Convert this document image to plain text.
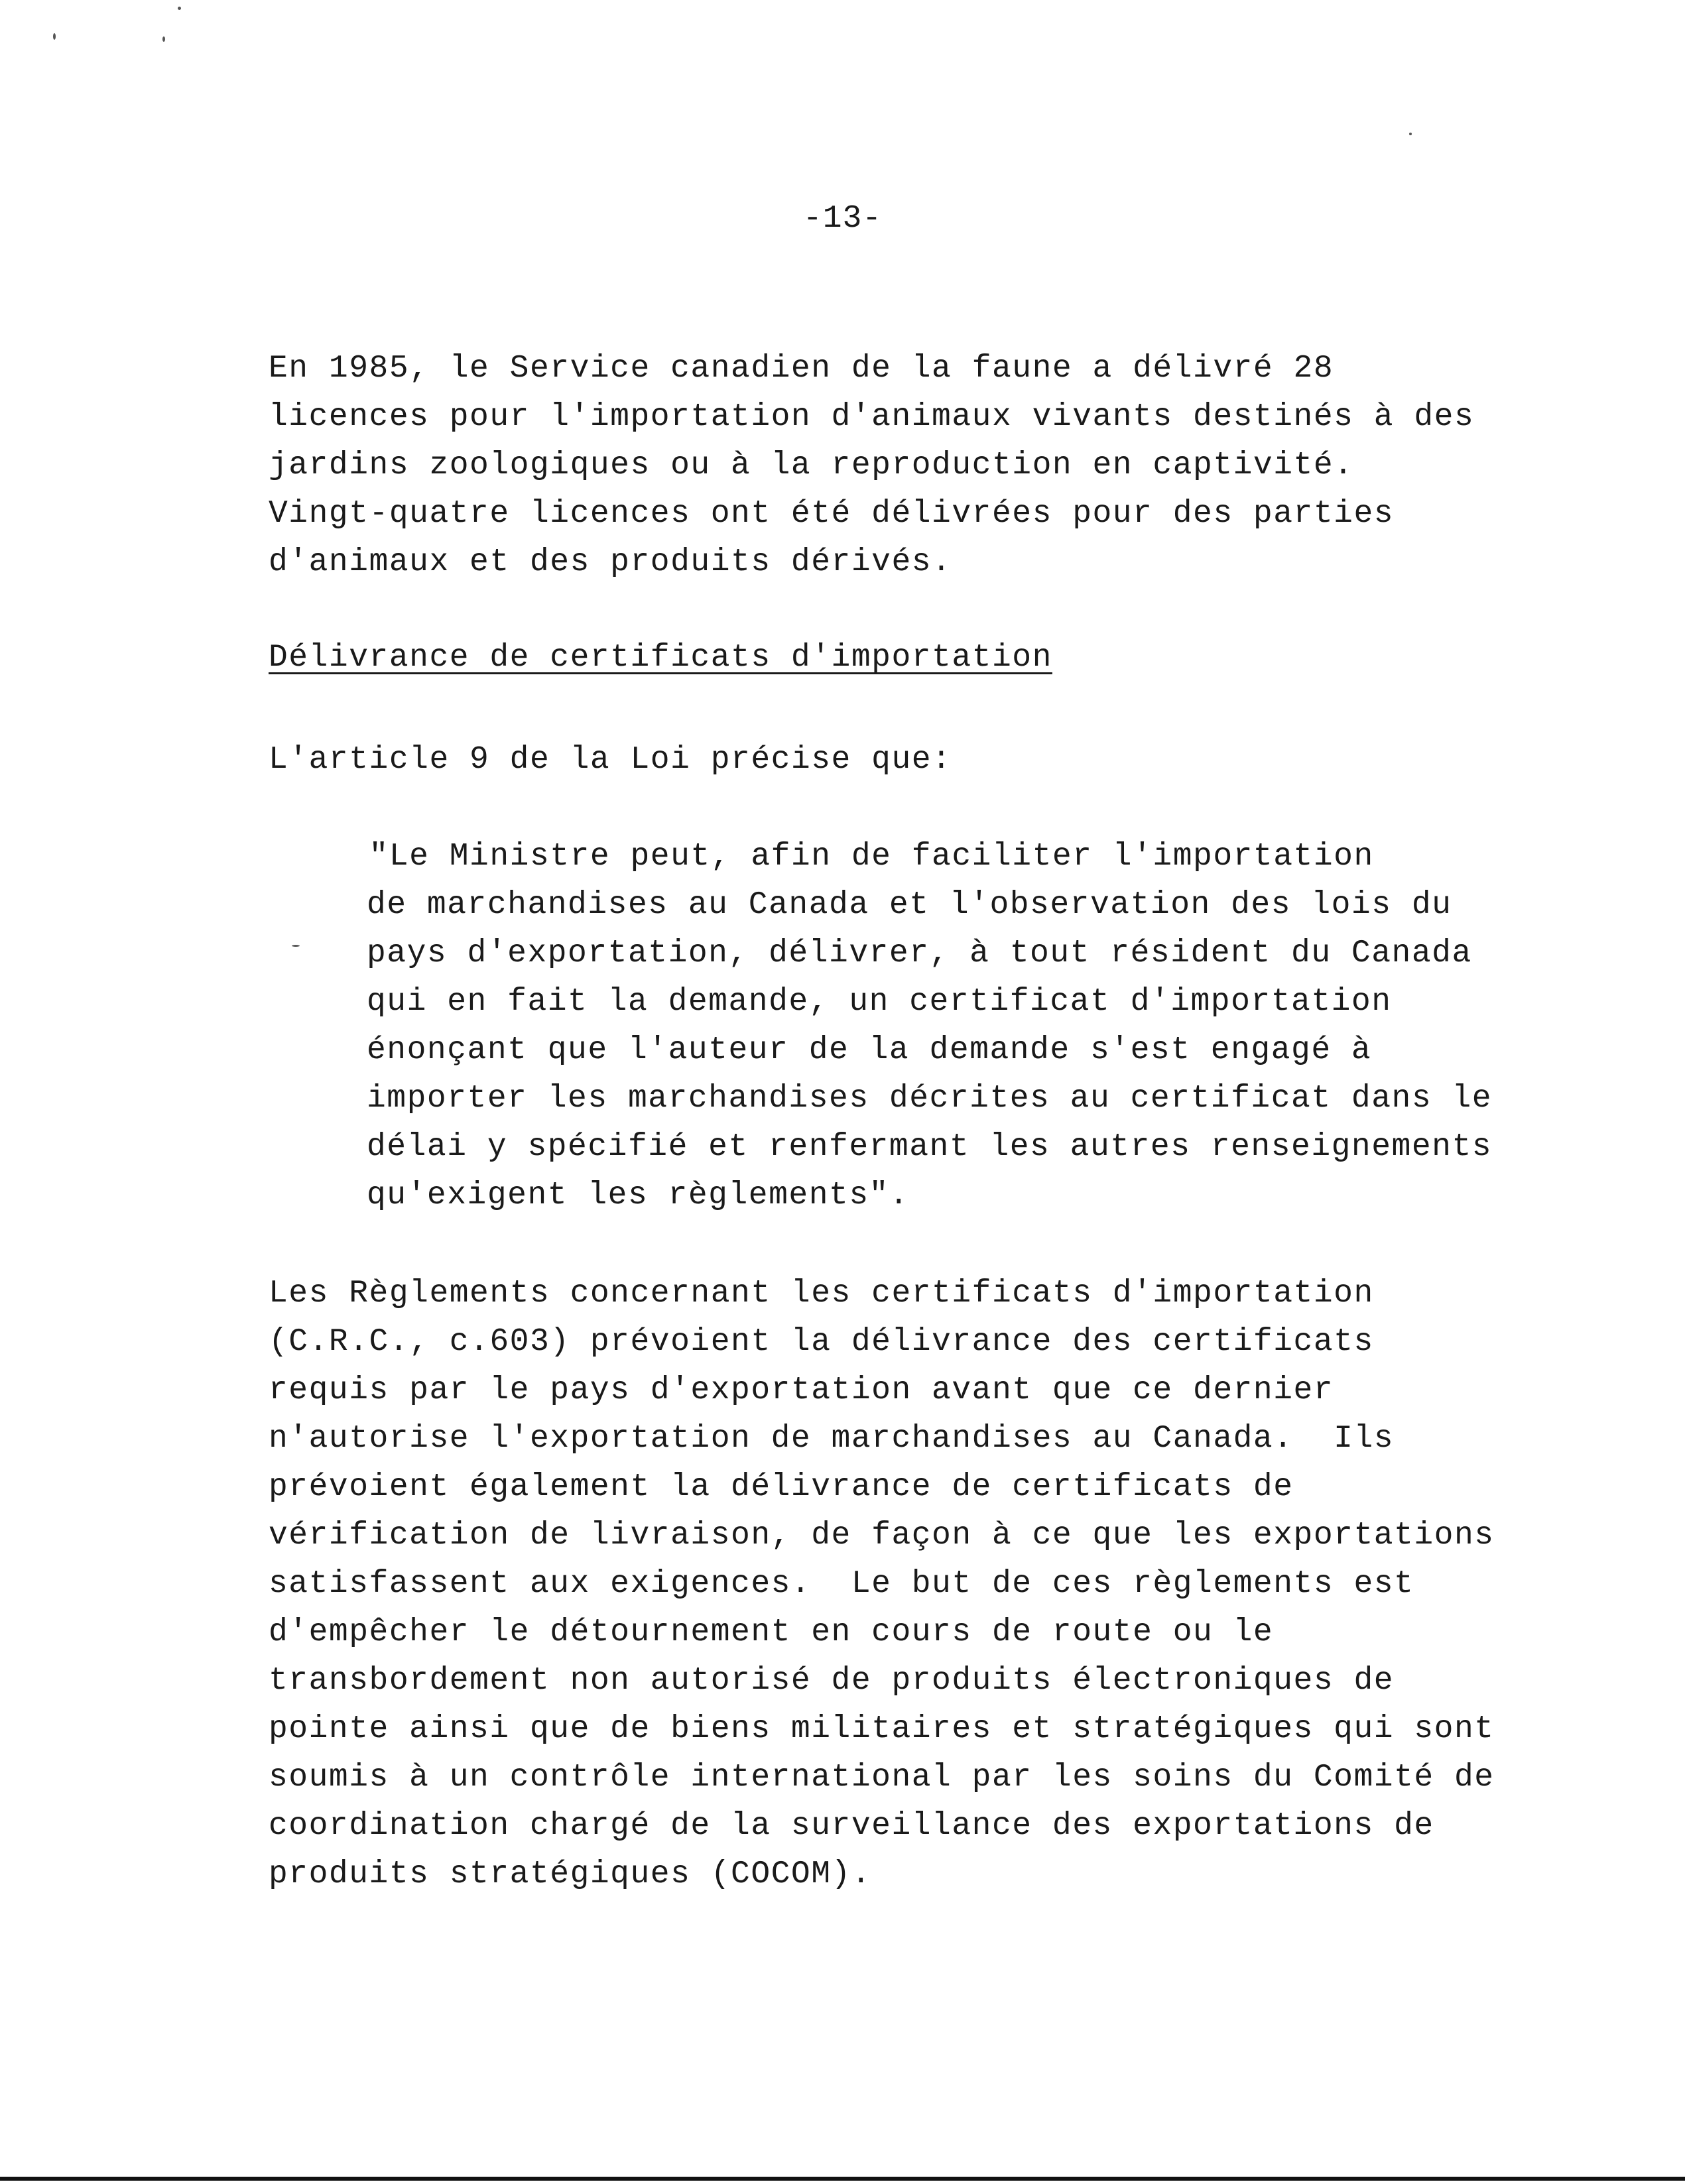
-13-
En 1985, le Service canadien de la faune a délivré 28
licences pour l'importation d'animaux vivants destinés à des
jardins zoologiques ou à la reproduction en captivité.
Vingt-quatre licences ont été délivrées pour des parties
d'animaux et des produits dérivés.
Délivrance de certificats d'importation
L'article 9 de la Loi précise que:
"Le Ministre peut, afin de faciliter l'importation
de marchandises au Canada et l'observation des lois du
pays d'exportation, délivrer, à tout résident du Canada
qui en fait la demande, un certificat d'importation
énonçant que l'auteur de la demande s'est engagé à
importer les marchandises décrites au certificat dans le
délai y spécifié et renfermant les autres renseignements
qu'exigent les règlements".
Les Règlements concernant les certificats d'importation
(C.R.C., c.603) prévoient la délivrance des certificats
requis par le pays d'exportation avant que ce dernier
n'autorise l'exportation de marchandises au Canada.  Ils
prévoient également la délivrance de certificats de
vérification de livraison, de façon à ce que les exportations
satisfassent aux exigences.  Le but de ces règlements est
d'empêcher le détournement en cours de route ou le
transbordement non autorisé de produits électroniques de
pointe ainsi que de biens militaires et stratégiques qui sont
soumis à un contrôle international par les soins du Comité de
coordination chargé de la surveillance des exportations de
produits stratégiques (COCOM).
